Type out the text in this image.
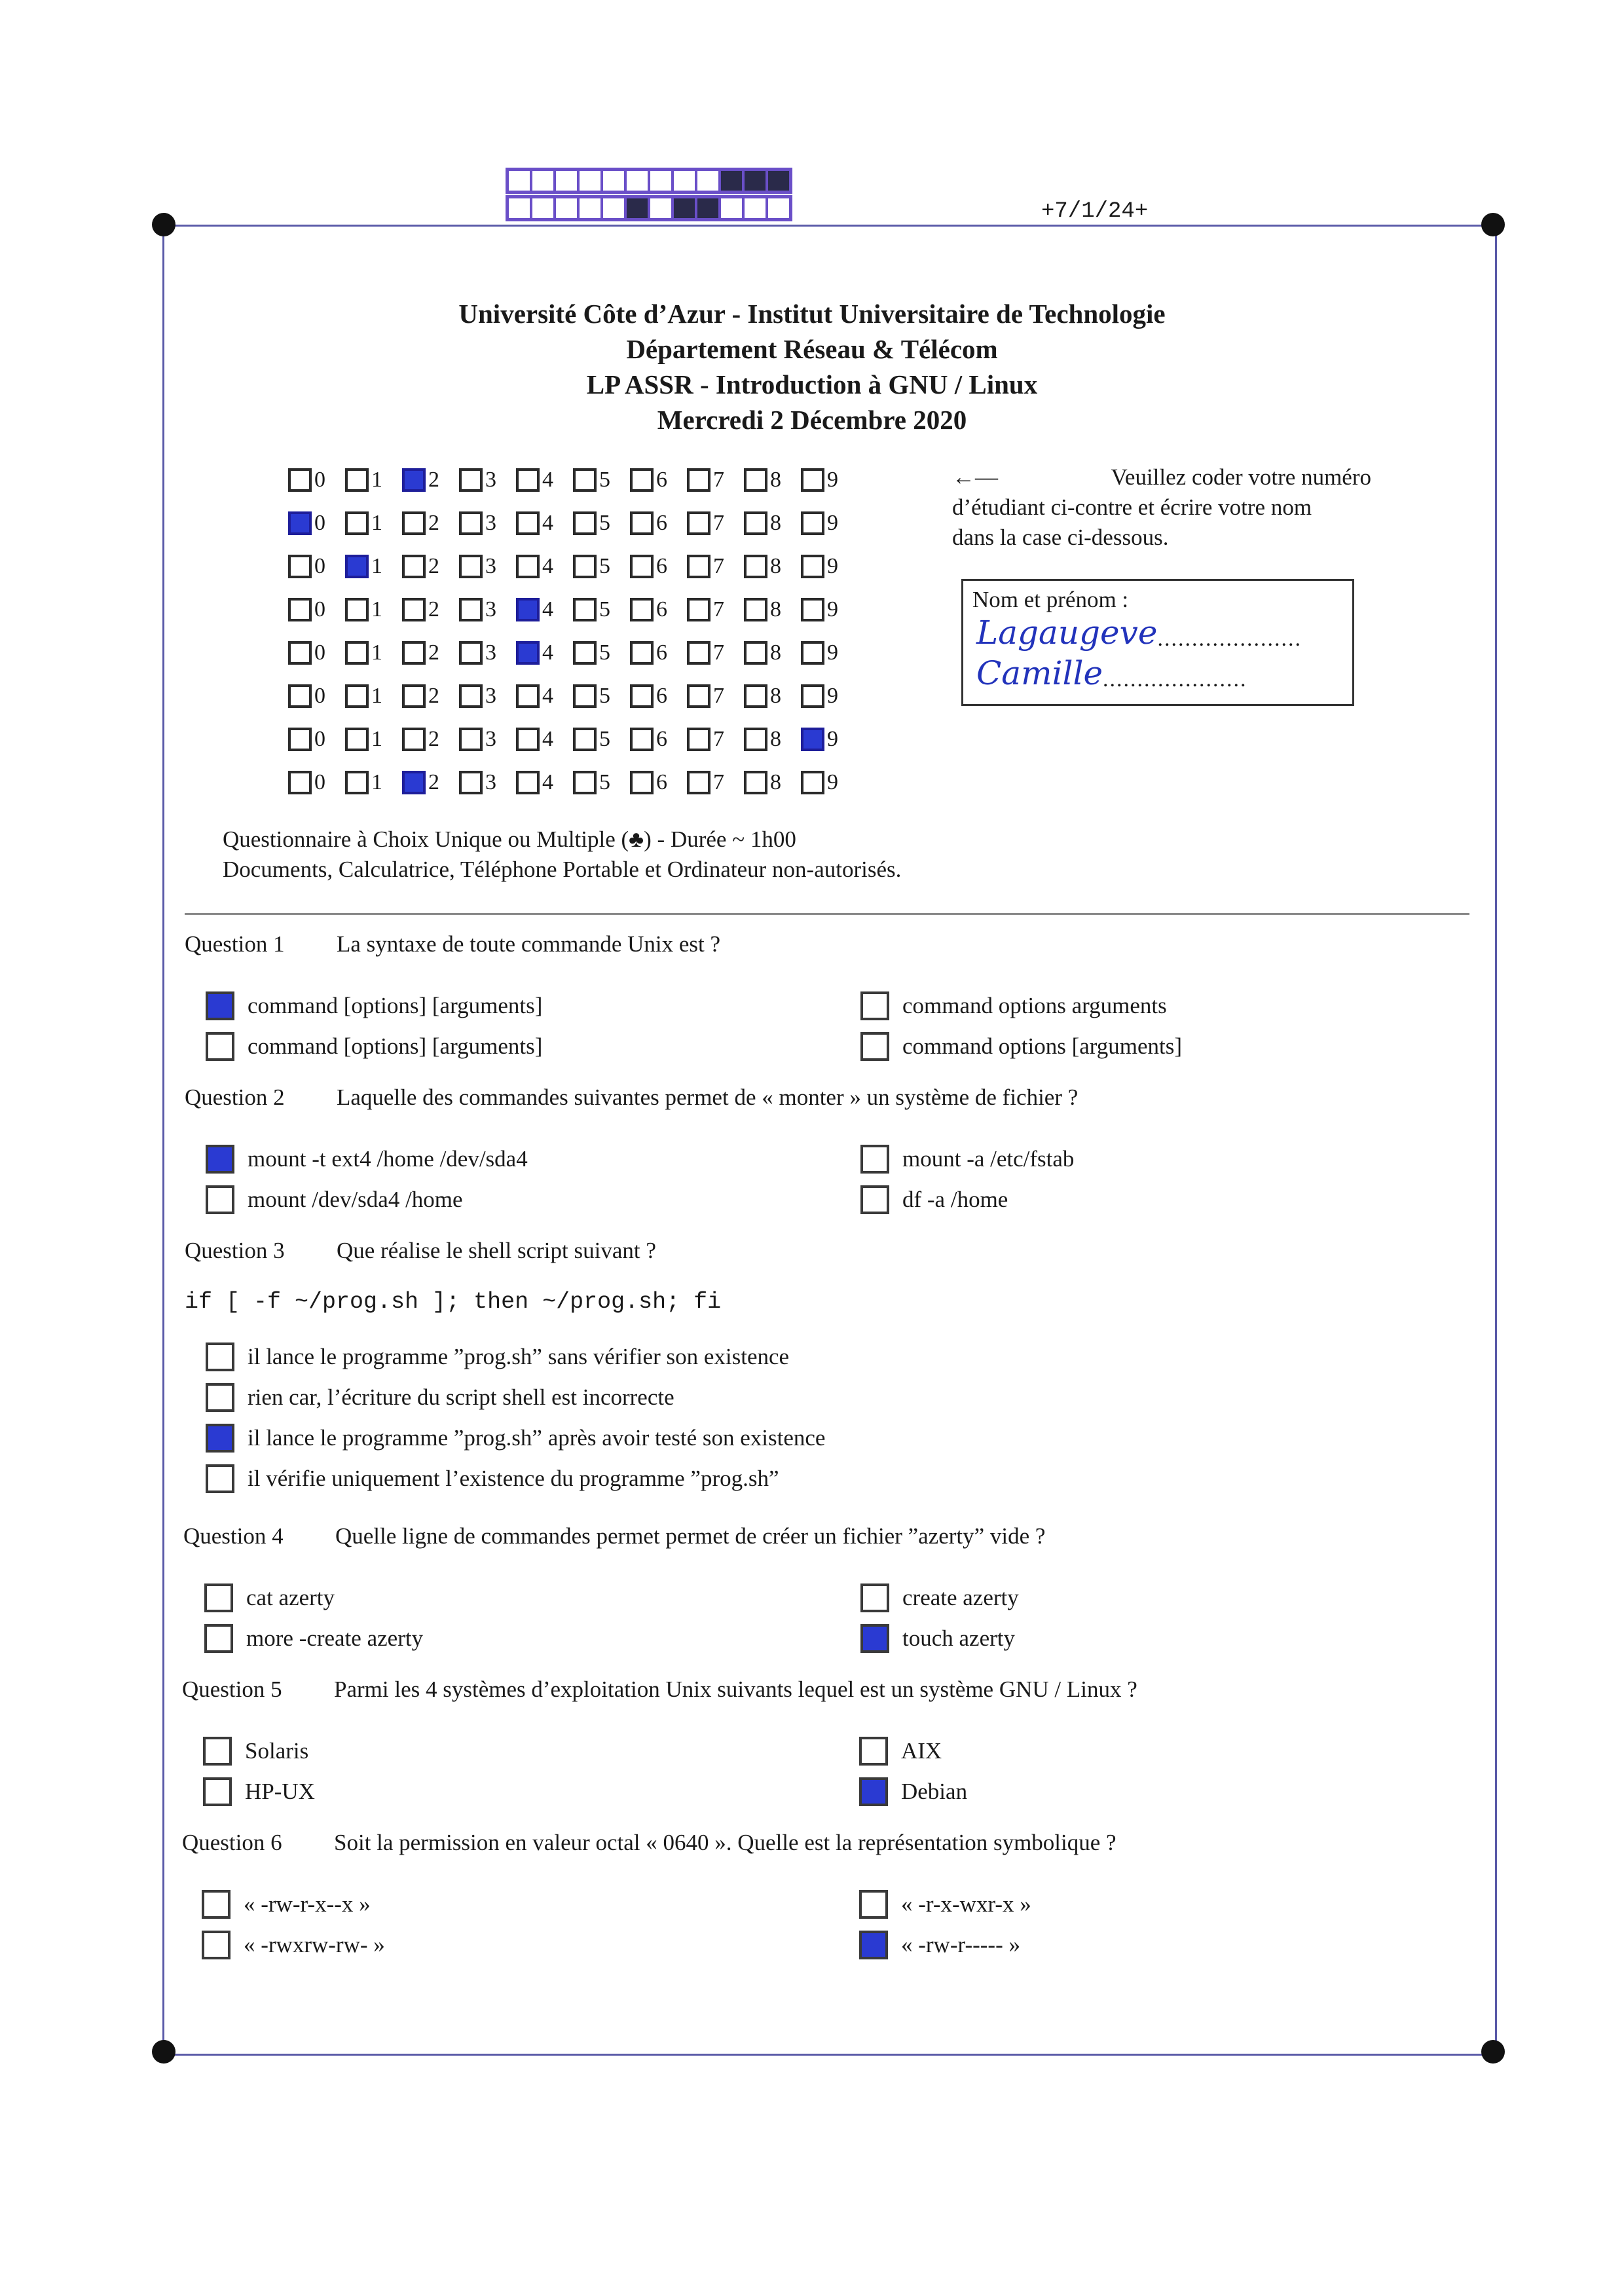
+7/1/24+
Université Côte d’Azur - Institut Universitaire de Technologie
Département Réseau & Télécom
LP ASSR - Introduction à GNU / Linux
Mercredi 2 Décembre 2020
0 1 2 3 4 5 6 7 8 9
0 1 2 3 4 5 6 7 8 9
0 1 2 3 4 5 6 7 8 9
0 1 2 3 4 5 6 7 8 9
0 1 2 3 4 5 6 7 8 9
0 1 2 3 4 5 6 7 8 9
0 1 2 3 4 5 6 7 8 9
0 1 2 3 4 5 6 7 8 9
←—	Veuillez coder votre numéro
d’étudiant ci-contre et écrire votre nom
dans la case ci-dessous.
Nom et prénom :
Lagaugeve .....................
Camille .....................
Questionnaire à Choix Unique ou Multiple (♣) - Durée ~ 1h00
Documents, Calculatrice, Téléphone Portable et Ordinateur non-autorisés.
Question 1	La syntaxe de toute commande Unix est ?
command [options] [arguments]	command options arguments
command [options] [arguments]	command options [arguments]
Question 2	Laquelle des commandes suivantes permet de « monter » un système de fichier ?
mount -t ext4 /home /dev/sda4	mount -a /etc/fstab
mount /dev/sda4 /home	df -a /home
Question 3	Que réalise le shell script suivant ?
if [ -f ~/prog.sh ]; then ~/prog.sh; fi
il lance le programme ”prog.sh” sans vérifier son existence
rien car, l’écriture du script shell est incorrecte
il lance le programme ”prog.sh” après avoir testé son existence
il vérifie uniquement l’existence du programme ”prog.sh”
Question 4	Quelle ligne de commandes permet permet de créer un fichier ”azerty” vide ?
cat azerty	create azerty
more -create azerty	touch azerty
Question 5	Parmi les 4 systèmes d’exploitation Unix suivants lequel est un système GNU / Linux ?
Solaris	AIX
HP-UX	Debian
Question 6	Soit la permission en valeur octal « 0640 ». Quelle est la représentation symbolique ?
« -rw-r-x--x »	« -r-x-wxr-x »
« -rwxrw-rw- »	« -rw-r----- »
